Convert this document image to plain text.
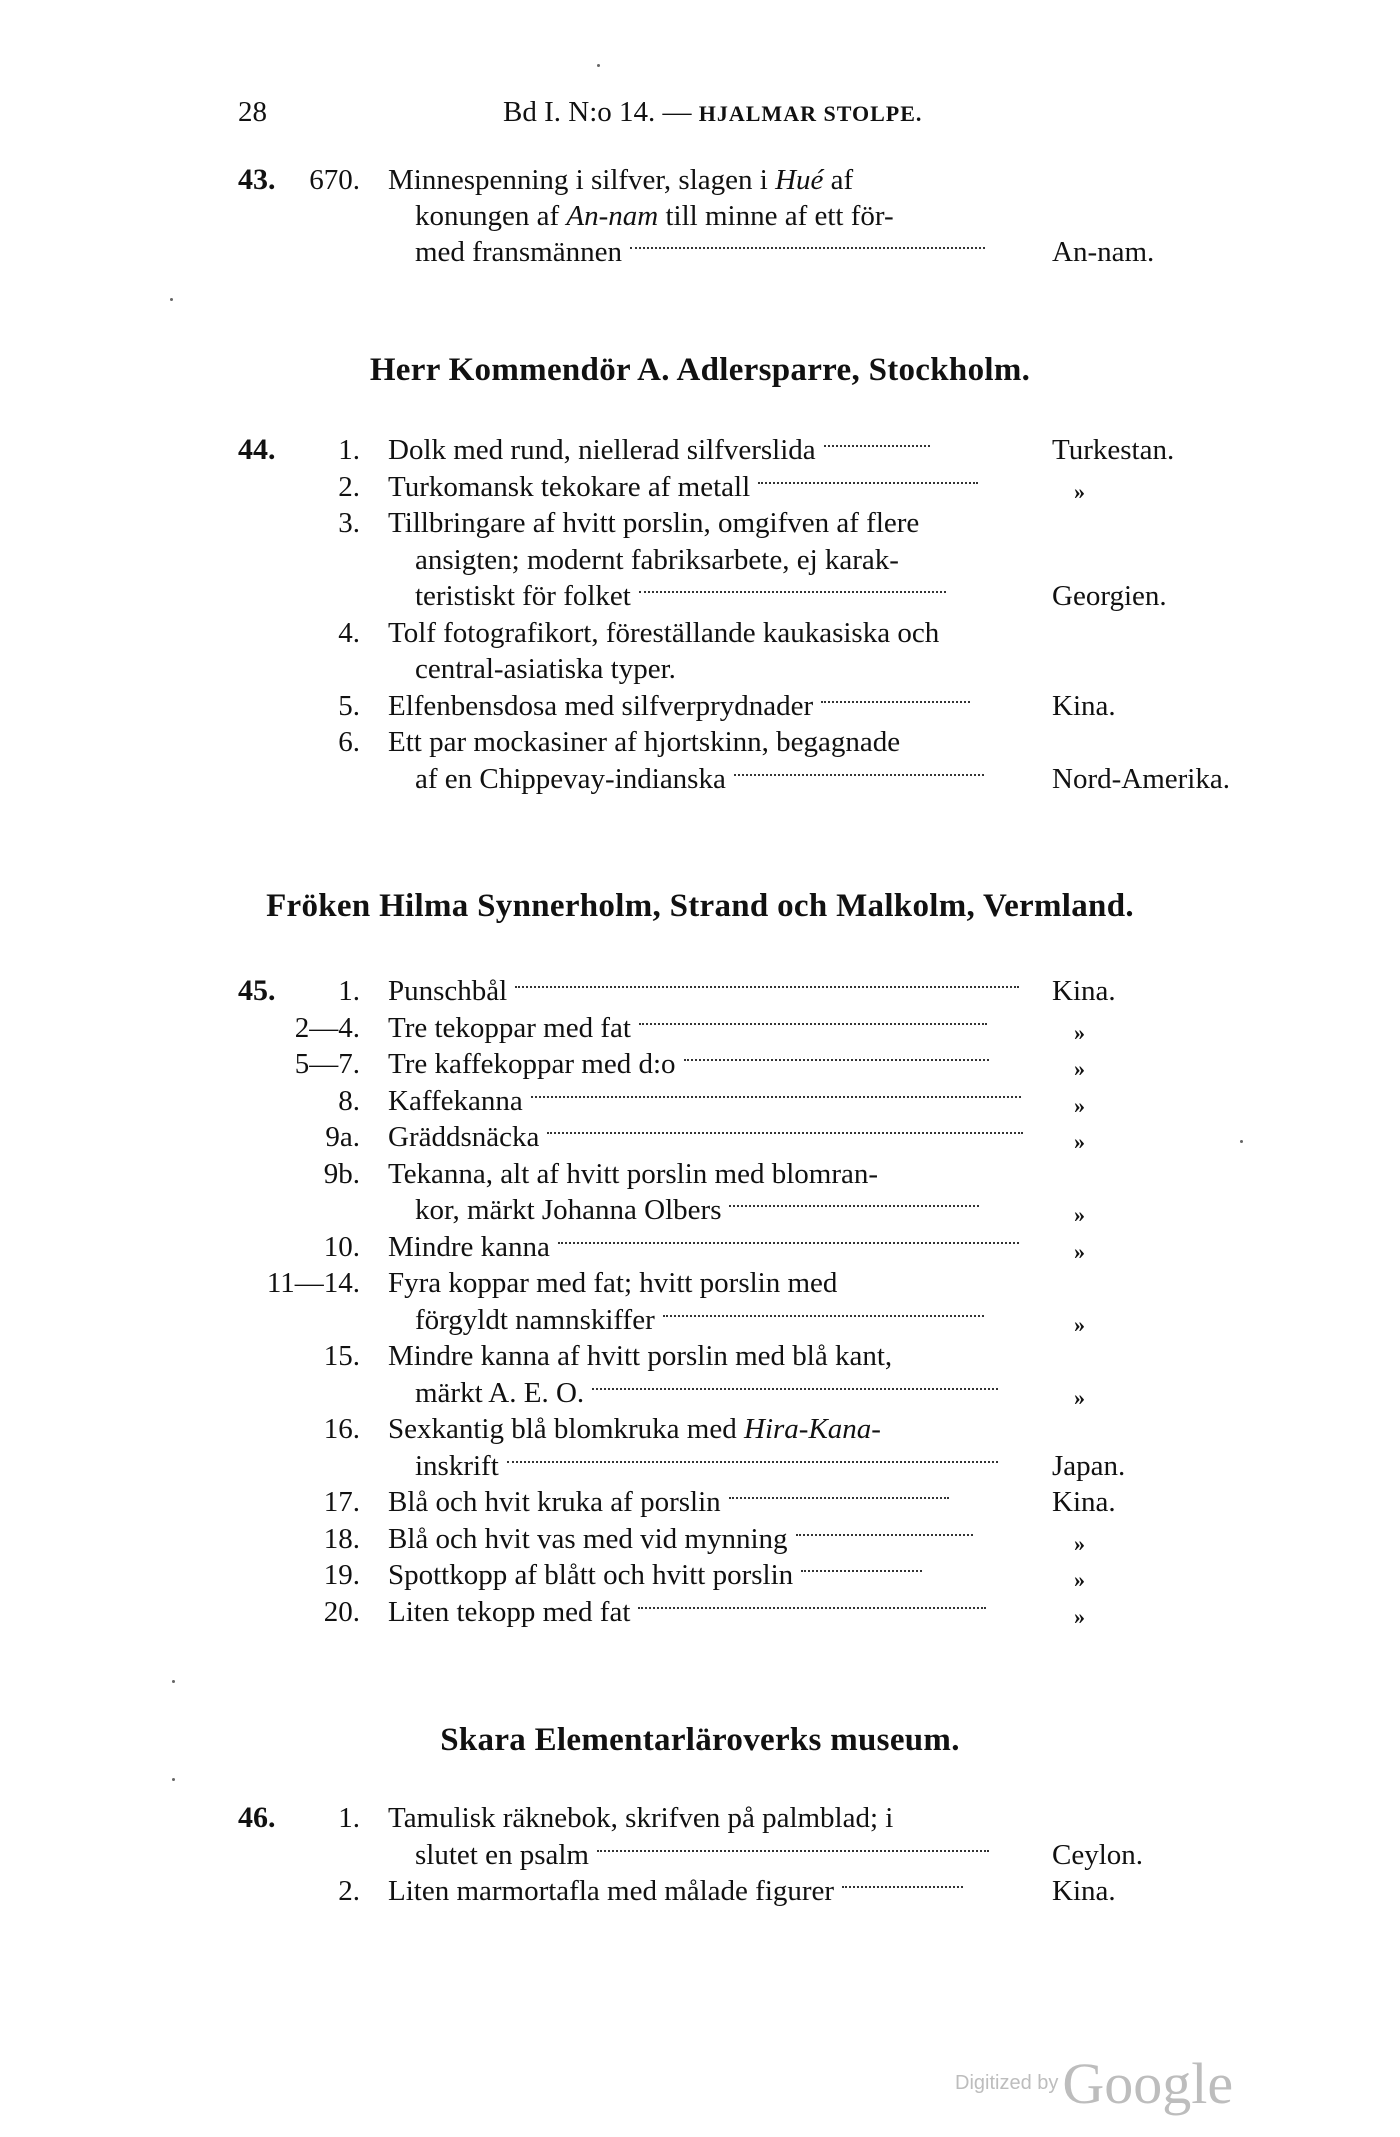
28	Bd I. N:o 14. — HJALMAR STOLPE.
43.	670. Minnespenning i silfver, slagen i Hué af
konungen af An-nam till minne af ett för-
med fransmännen	An-nam.
Herr Kommendör A. Adlersparre, Stockholm.
44.	1. Dolk med rund, niellerad silfverslida	Turkestan.
2. Turkomansk tekokare af metall	»
3. Tillbringare af hvitt porslin, omgifven af flere
ansigten; modernt fabriksarbete, ej karak-
teristiskt för folket	Georgien.
4. Tolf fotografikort, föreställande kaukasiska och
central-asiatiska typer.
5. Elfenbensdosa med silfverprydnader	Kina.
6. Ett par mockasiner af hjortskinn, begagnade
af en Chippevay-indianska	Nord-Amerika.
Fröken Hilma Synnerholm, Strand och Malkolm, Vermland.
45.	1. Punschbål	Kina.
2—4. Tre tekoppar med fat	»
5—7. Tre kaffekoppar med d:o	»
8. Kaffekanna	»
9a. Gräddsnäcka	»
9b. Tekanna, alt af hvitt porslin med blomran-
kor, märkt Johanna Olbers	»
10. Mindre kanna	»
11—14. Fyra koppar med fat; hvitt porslin med
förgyldt namnskiffer	»
15. Mindre kanna af hvitt porslin med blå kant,
märkt A. E. O.	»
16. Sexkantig blå blomkruka med Hira-Kana-
inskrift	Japan.
17. Blå och hvit kruka af porslin	Kina.
18. Blå och hvit vas med vid mynning	»
19. Spottkopp af blått och hvitt porslin	»
20. Liten tekopp med fat	»
Skara Elementarläroverks museum.
46.	1. Tamulisk räknebok, skrifven på palmblad; i
slutet en psalm	Ceylon.
2. Liten marmortafla med målade figurer	Kina.
Digitized by Google
